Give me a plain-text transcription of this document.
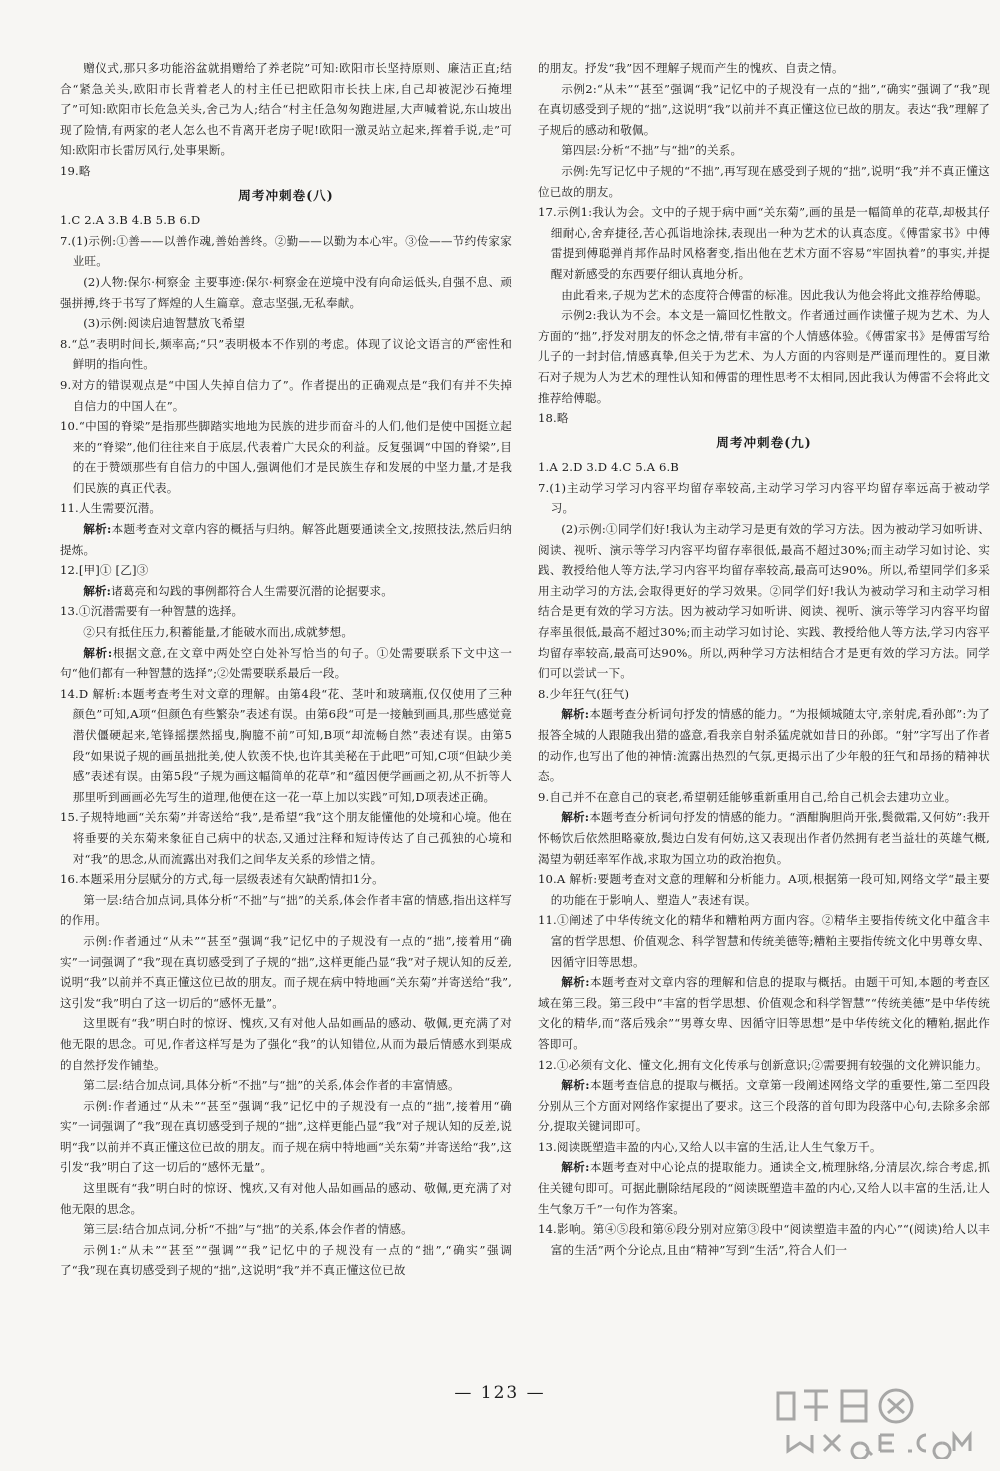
赠仪式,那只多功能浴盆就捐赠给了养老院”可知:欧阳市长坚持原则、廉洁正直;结合“紧急关头,欧阳市长背着老人的村主任已把欧阳市长扶上床,自己却被泥沙石掩埋了”可知:欧阳市长危急关头,舍己为人;结合“村主任急匆匆跑进屋,大声喊着说,东山坡出现了险情,有两家的老人怎么也不肯离开老房子呢!欧阳一激灵站立起来,挥着手说,走”可知:欧阳市长雷厉风行,处事果断。

19.略

周考冲刺卷(八)

1.C 2.A 3.B 4.B 5.B 6.D

7.(1)示例:①善——以善作魂,善始善终。②勤——以勤为本心牢。③俭——节约传家家业旺。

(2)人物:保尔·柯察金 主要事迹:保尔·柯察金在逆境中没有向命运低头,自强不息、顽强拼搏,终于书写了辉煌的人生篇章。意志坚强,无私奉献。

(3)示例:阅读启迪智慧放飞希望

8.“总”表明时间长,频率高;“只”表明极本不作别的考虑。体现了议论文语言的严密性和鲜明的指向性。

9.对方的错误观点是“中国人失掉自信力了”。作者提出的正确观点是“我们有并不失掉自信力的中国人在”。

10.“中国的脊梁”是指那些脚踏实地地为民族的进步而奋斗的人们,他们是使中国挺立起来的“脊梁”,他们往往来自于底层,代表着广大民众的利益。反复强调“中国的脊梁”,目的在于赞颂那些有自信力的中国人,强调他们才是民族生存和发展的中坚力量,才是我们民族的真正代表。

11.人生需要沉潜。

解析:本题考查对文章内容的概括与归纳。解答此题要通读全文,按照技法,然后归纳提炼。

12.[甲]① [乙]③

解析:诸葛亮和勾践的事例都符合人生需要沉潜的论据要求。

13.①沉潜需要有一种智慧的选择。

②只有抵住压力,积蓄能量,才能破水而出,成就梦想。

解析:根据文意,在文章中两处空白处补写恰当的句子。①处需要联系下文中这一句“他们都有一种智慧的选择”;②处需要联系最后一段。

14.D 解析:本题考查考生对文章的理解。由第4段“花、茎叶和玻璃瓶,仅仅使用了三种颜色”可知,A项“但颜色有些繁杂”表述有误。由第6段“可是一接触到画具,那些感觉竟潜伏僵硬起来,笔锋摇摆然摇曳,胸臆不前”可知,B项“却流畅自然”表述有误。由第5段“如果说子规的画虽拙批美,使人钦羡不快,也许其美秘在于此吧”可知,C项“但缺少美感”表述有误。由第5段“子规为画这幅简单的花草”和“蕴因便学画画之初,从不折等人那里听到画画必先写生的道理,他便在这一花一草上加以实践”可知,D项表述正确。

15.子规特地画“关东菊”并寄送给“我”,是希望“我”这个朋友能懂他的处境和心境。他在将垂要的关东菊来象征自己病中的状态,又通过注释和短诗传达了自己孤独的心境和对“我”的思念,从而流露出对我们之间华友关系的珍惜之情。

16.本题采用分层赋分的方式,每一层级表述有欠缺酌情扣1分。

第一层:结合加点词,具体分析“不拙”与“拙”的关系,体会作者丰富的情感,指出这样写的作用。

示例:作者通过“从未”“甚至”强调“我”记忆中的子规没有一点的“拙”,接着用“确实”一词强调了“我”现在真切感受到了子规的“拙”,这样更能凸显“我”对子规认知的反差,说明“我”以前并不真正懂这位已故的朋友。而子规在病中特地画“关东菊”并寄送给“我”,这引发“我”明白了这一切后的“感怀无量”。

这里既有“我”明白时的惊讶、愧疚,又有对他人品如画品的感动、敬佩,更充满了对他无限的思念。可见,作者这样写是为了强化“我”的认知错位,从而为最后情感水到渠成的自然抒发作铺垫。

第二层:结合加点词,具体分析“不拙”与“拙”的关系,体会作者的丰富情感。

示例:作者通过“从未”“甚至”强调“我”记忆中的子规没有一点的“拙”,接着用“确实”一词强调了“我”现在真切感受到子规的“拙”,这样更能凸显“我”对子规认知的反差,说明“我”以前并不真正懂这位已故的朋友。而子规在病中特地画“关东菊”并寄送给“我”,这引发“我”明白了这一切后的“感怀无量”。

这里既有“我”明白时的惊讶、愧疚,又有对他人品如画品的感动、敬佩,更充满了对他无限的思念。

第三层:结合加点词,分析“不拙”与“拙”的关系,体会作者的情感。

示例1:“从未”“甚至”“强调”“我”记忆中的子规没有一点的“拙”,“确实”强调了“我”现在真切感受到子规的“拙”,这说明“我”并不真正懂这位已故

的朋友。抒发“我”因不理解子规而产生的愧疚、自责之情。

示例2:“从未”“甚至”强调“我”记忆中的子规没有一点的“拙”,“确实”强调了“我”现在真切感受到子规的“拙”,这说明“我”以前并不真正懂这位已故的朋友。表达“我”理解了子规后的感动和敬佩。

第四层:分析“不拙”与“拙”的关系。

示例:先写记忆中子规的“不拙”,再写现在感受到子规的“拙”,说明“我”并不真正懂这位已故的朋友。

17.示例1:我认为会。文中的子规于病中画“关东菊”,画的虽是一幅简单的花草,却极其仔细耐心,舍弃捷径,苦心孤诣地涂抹,表现出一种为艺术的认真态度。《傅雷家书》中傅雷提到傅聪弹肖邦作品时风格奢变,指出他在艺术方面不容易“牢固执着”的事实,并提醒对新感受的东西要仔细认真地分析。

由此看来,子规为艺术的态度符合傅雷的标准。因此我认为他会将此文推荐给傅聪。

示例2:我认为不会。本文是一篇回忆性散文。作者通过画作读懂子规为艺术、为人方面的“拙”,抒发对朋友的怀念之情,带有丰富的个人情感体验。《傅雷家书》是傅雷写给儿子的一封封信,情感真挚,但关于为艺术、为人方面的内容则是严谨而理性的。夏目漱石对子规为人为艺术的理性认知和傅雷的理性思考不太相同,因此我认为傅雷不会将此文推荐给傅聪。

18.略

周考冲刺卷(九)

1.A 2.D 3.D 4.C 5.A 6.B

7.(1)主动学习学习内容平均留存率较高,主动学习学习内容平均留存率远高于被动学习。

(2)示例:①同学们好!我认为主动学习是更有效的学习方法。因为被动学习如听讲、阅读、视听、演示等学习内容平均留存率很低,最高不超过30%;而主动学习如讨论、实践、教授给他人等方法,学习内容平均留存率较高,最高可达90%。所以,希望同学们多采用主动学习的方法,会取得更好的学习效果。②同学们好!我认为被动学习和主动学习相结合是更有效的学习方法。因为被动学习如听讲、阅读、视听、演示等学习内容平均留存率虽很低,最高不超过30%;而主动学习如讨论、实践、教授给他人等方法,学习内容平均留存率较高,最高可达90%。所以,两种学习方法相结合才是更有效的学习方法。同学们可以尝试一下。

8.少年狂气(狂气)

解析:本题考查分析词句抒发的情感的能力。“为报倾城随太守,亲射虎,看孙郎”:为了报答全城的人跟随我出猎的盛意,看我亲自射杀猛虎就如昔日的孙郎。“射”字写出了作者的动作,也写出了他的神情:流露出热烈的气氛,更揭示出了少年般的狂气和昂扬的精神状态。

9.自己并不在意自己的衰老,希望朝廷能够重新重用自己,给自己机会去建功立业。

解析:本题考查分析词句抒发的情感的能力。“酒酣胸胆尚开张,鬓微霜,又何妨”:我开怀畅饮后依然胆略豪放,鬓边白发有何妨,这又表现出作者仍然拥有老当益壮的英雄气概,渴望为朝廷率军作战,求取为国立功的政治抱负。

10.A 解析:要题考查对文意的理解和分析能力。A项,根据第一段可知,网络文学“最主要的功能在于影响人、塑造人”表述有误。

11.①阐述了中华传统文化的精华和糟粕两方面内容。②精华主要指传统文化中蕴含丰富的哲学思想、价值观念、科学智慧和传统美德等;糟粕主要指传统文化中男尊女卑、因循守旧等思想。

解析:本题考查对文章内容的理解和信息的提取与概括。由题干可知,本题的考查区域在第三段。第三段中“丰富的哲学思想、价值观念和科学智慧”“传统美德”是中华传统文化的精华,而“落后残余”“男尊女卑、因循守旧等思想”是中华传统文化的糟粕,据此作答即可。

12.①必须有文化、懂文化,拥有文化传承与创新意识;②需要拥有较强的文化辨识能力。

解析:本题考查信息的提取与概括。文章第一段阐述网络文学的重要性,第二至四段分别从三个方面对网络作家提出了要求。这三个段落的首句即为段落中心句,去除多余部分,提取关键词即可。

13.阅读既塑造丰盈的内心,又给人以丰富的生活,让人生气象万千。

解析:本题考查对中心论点的提取能力。通读全文,梳理脉络,分清层次,综合考虑,抓住关键句即可。可据此删除结尾段的“阅读既塑造丰盈的内心,又给人以丰富的生活,让人生气象万千”一句作为答案。

14.影响。第④⑤段和第⑥段分别对应第③段中“阅读塑造丰盈的内心”“(阅读)给人以丰富的生活”两个分论点,且由“精神”写到“生活”,符合人们一

— 123 —
